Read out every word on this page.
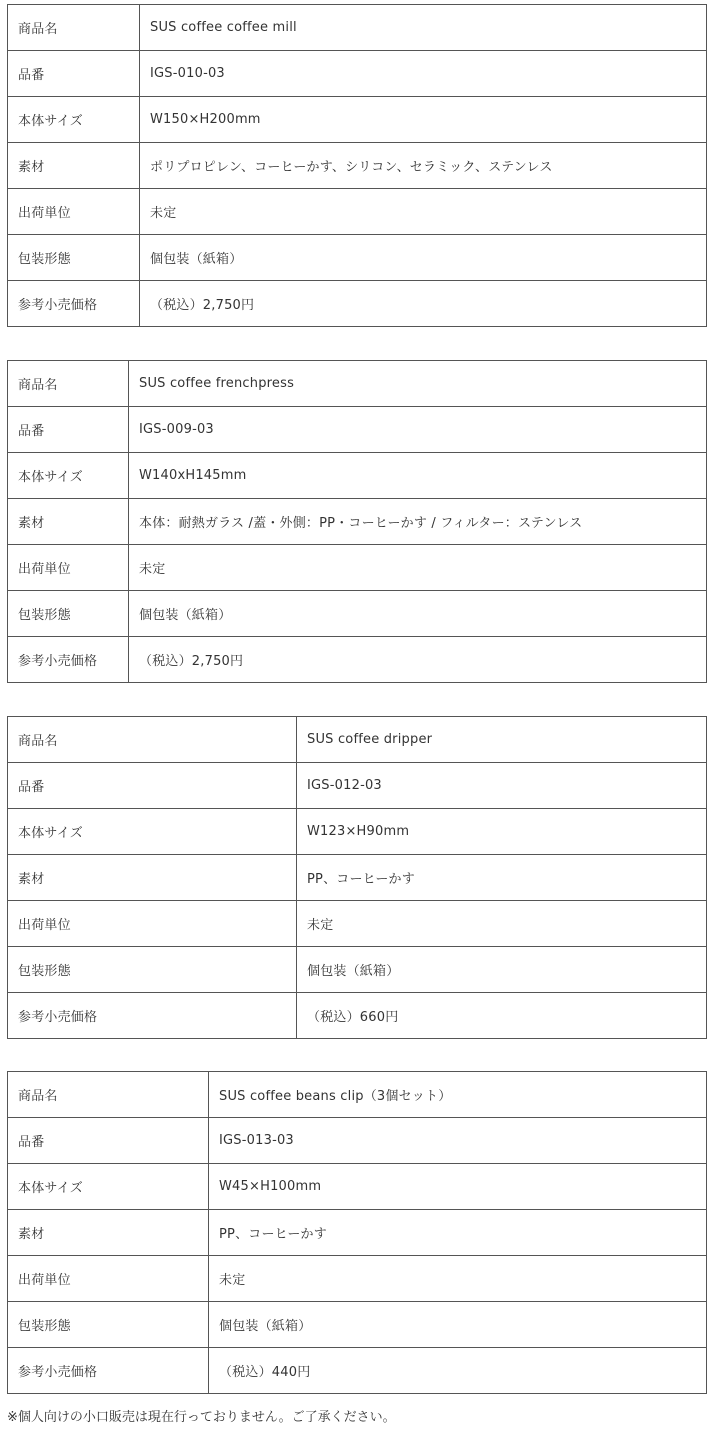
商品名	SUS coffee coffee mill
品番	IGS-010-03
本体サイズ	W150×H200mm
素材	ポリプロピレン、コーヒーかす、シリコン、セラミック、ステンレス
出荷単位	未定
包装形態	個包装（紙箱）
参考小売価格	（税込）2,750円
商品名	SUS coffee frenchpress
品番	IGS-009-03
本体サイズ	W140xH145mm
素材	本体：耐熱ガラス /蓋・外側：PP・コーヒーかす / フィルター：ステンレス
出荷単位	未定
包装形態	個包装（紙箱）
参考小売価格	（税込）2,750円
商品名	SUS coffee dripper
品番	IGS-012-03
本体サイズ	W123×H90mm
素材	PP、コーヒーかす
出荷単位	未定
包装形態	個包装（紙箱）
参考小売価格	（税込）660円
商品名	SUS coffee beans clip（3個セット）
品番	IGS-013-03
本体サイズ	W45×H100mm
素材	PP、コーヒーかす
出荷単位	未定
包装形態	個包装（紙箱）
参考小売価格	（税込）440円
※個人向けの小口販売は現在行っておりません。ご了承ください。
